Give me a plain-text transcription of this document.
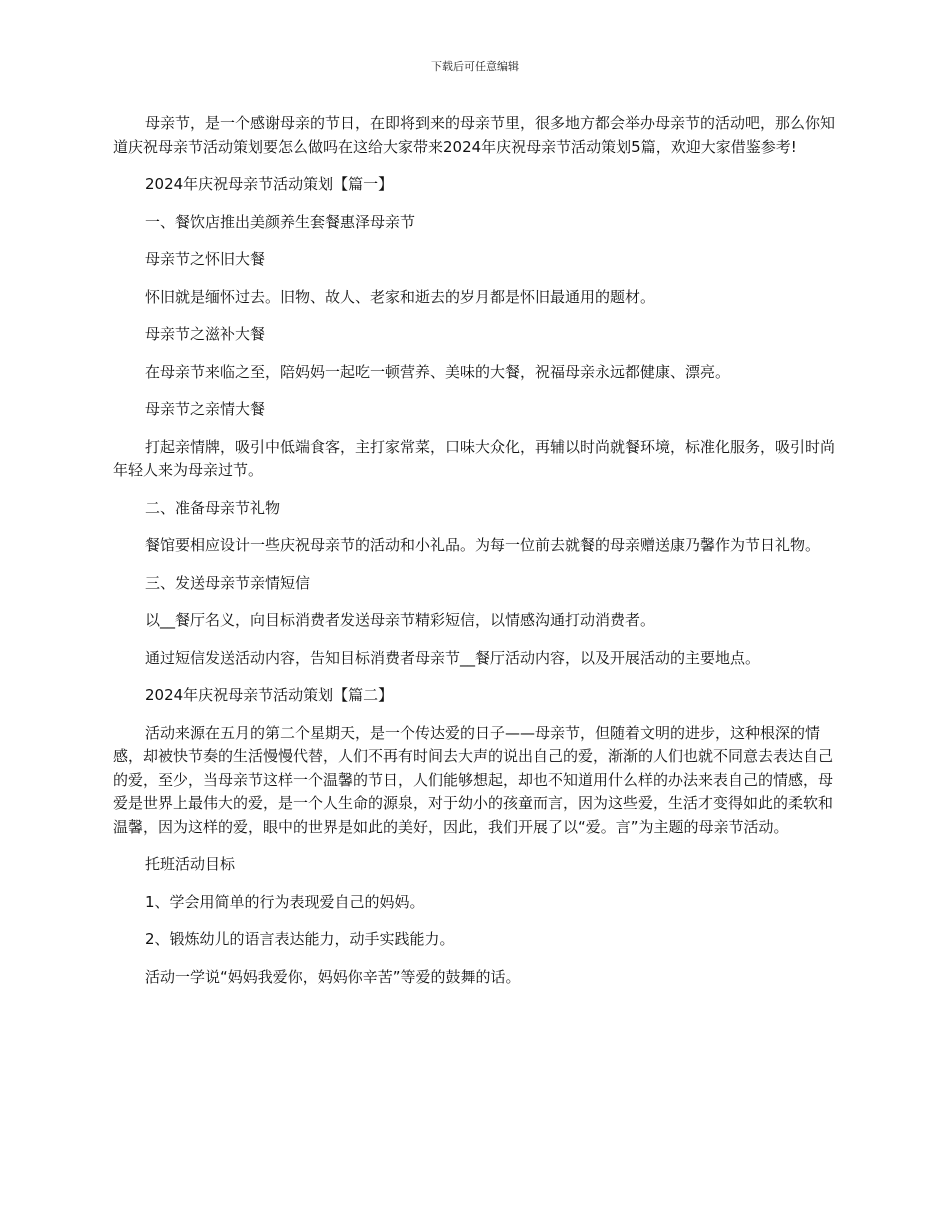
下载后可任意编辑

母亲节，是一个感谢母亲的节日，在即将到来的母亲节里，很多地方都会举办母亲节的活动吧，那么你知道庆祝母亲节活动策划要怎么做吗在这给大家带来2024年庆祝母亲节活动策划5篇，欢迎大家借鉴参考!

2024年庆祝母亲节活动策划【篇一】

一、餐饮店推出美颜养生套餐惠泽母亲节

母亲节之怀旧大餐

怀旧就是缅怀过去。旧物、故人、老家和逝去的岁月都是怀旧最通用的题材。

母亲节之滋补大餐

在母亲节来临之至，陪妈妈一起吃一顿营养、美味的大餐，祝福母亲永远都健康、漂亮。

母亲节之亲情大餐

打起亲情牌，吸引中低端食客，主打家常菜，口味大众化，再辅以时尚就餐环境，标准化服务，吸引时尚年轻人来为母亲过节。

二、准备母亲节礼物

餐馆要相应设计一些庆祝母亲节的活动和小礼品。为每一位前去就餐的母亲赠送康乃馨作为节日礼物。

三、发送母亲节亲情短信

以__餐厅名义，向目标消费者发送母亲节精彩短信，以情感沟通打动消费者。

通过短信发送活动内容，告知目标消费者母亲节__餐厅活动内容，以及开展活动的主要地点。

2024年庆祝母亲节活动策划【篇二】

活动来源在五月的第二个星期天，是一个传达爱的日子——母亲节，但随着文明的进步，这种根深的情感，却被快节奏的生活慢慢代替，人们不再有时间去大声的说出自己的爱，渐渐的人们也就不同意去表达自己的爱，至少，当母亲节这样一个温馨的节日，人们能够想起，却也不知道用什么样的办法来表自己的情感，母爱是世界上最伟大的爱，是一个人生命的源泉，对于幼小的孩童而言，因为这些爱，生活才变得如此的柔软和温馨，因为这样的爱，眼中的世界是如此的美好，因此，我们开展了以“爱。言”为主题的母亲节活动。

托班活动目标

1、学会用简单的行为表现爱自己的妈妈。

2、锻炼幼儿的语言表达能力，动手实践能力。

活动一学说“妈妈我爱你，妈妈你辛苦”等爱的鼓舞的话。
